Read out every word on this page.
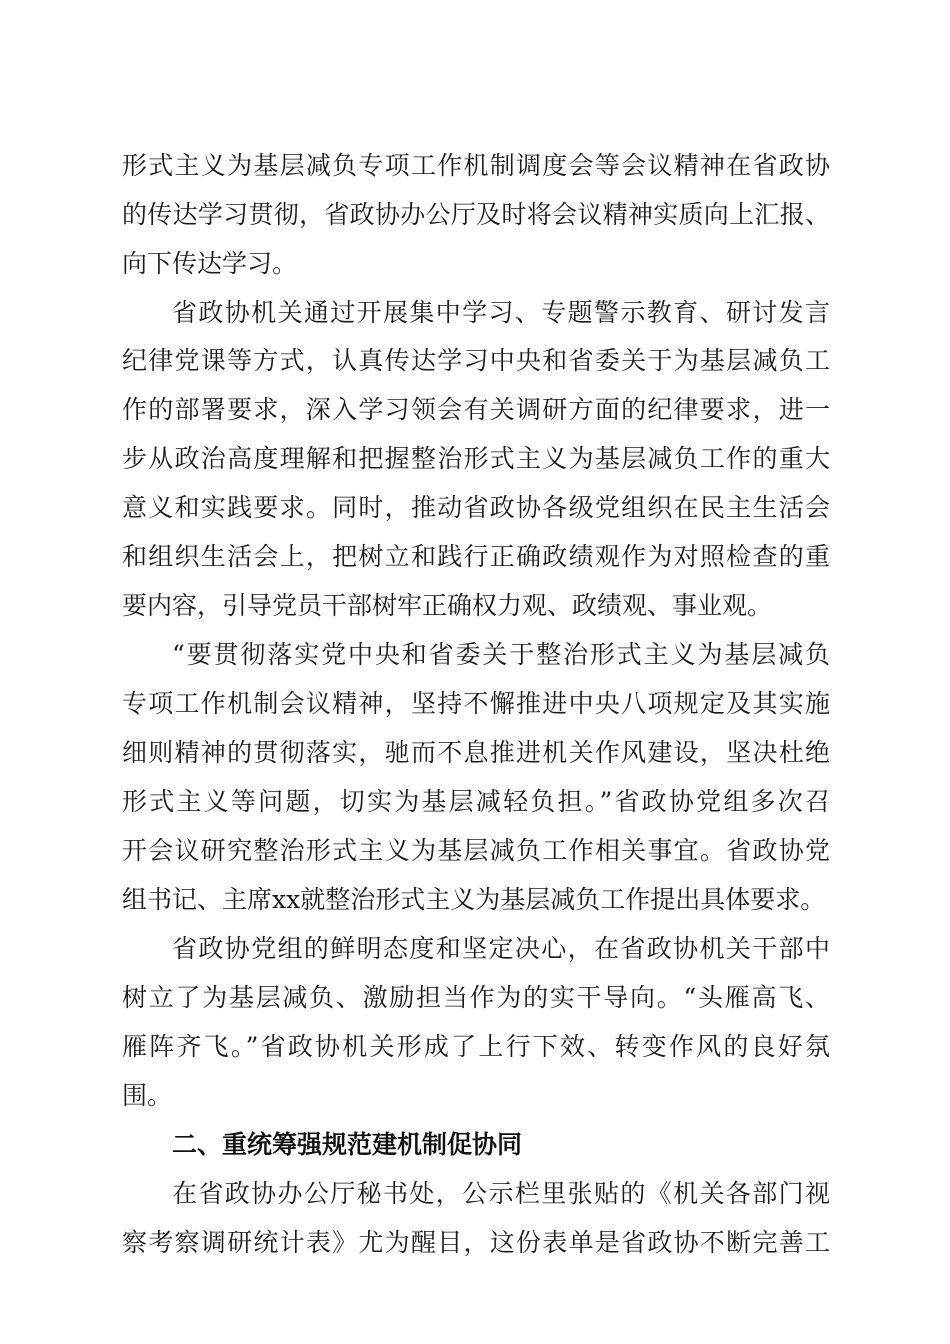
形式主义为基层减负专项工作机制调度会等会议精神在省政协
的传达学习贯彻，省政协办公厅及时将会议精神实质向上汇报、
向下传达学习。
省政协机关通过开展集中学习、专题警示教育、研讨发言
纪律党课等方式，认真传达学习中央和省委关于为基层减负工
作的部署要求，深入学习领会有关调研方面的纪律要求，进一
步从政治高度理解和把握整治形式主义为基层减负工作的重大
意义和实践要求。同时，推动省政协各级党组织在民主生活会
和组织生活会上，把树立和践行正确政绩观作为对照检查的重
要内容，引导党员干部树牢正确权力观、政绩观、事业观。
“要贯彻落实党中央和省委关于整治形式主义为基层减负
专项工作机制会议精神，坚持不懈推进中央八项规定及其实施
细则精神的贯彻落实，驰而不息推进机关作风建设，坚决杜绝
形式主义等问题，切实为基层减轻负担。”省政协党组多次召
开会议研究整治形式主义为基层减负工作相关事宜。省政协党
组书记、主席xx就整治形式主义为基层减负工作提出具体要求。
省政协党组的鲜明态度和坚定决心，在省政协机关干部中
树立了为基层减负、激励担当作为的实干导向。“头雁高飞、
雁阵齐飞。”省政协机关形成了上行下效、转变作风的良好氛
围。
二、重统筹强规范建机制促协同
在省政协办公厅秘书处，公示栏里张贴的《机关各部门视
察考察调研统计表》尤为醒目，这份表单是省政协不断完善工
